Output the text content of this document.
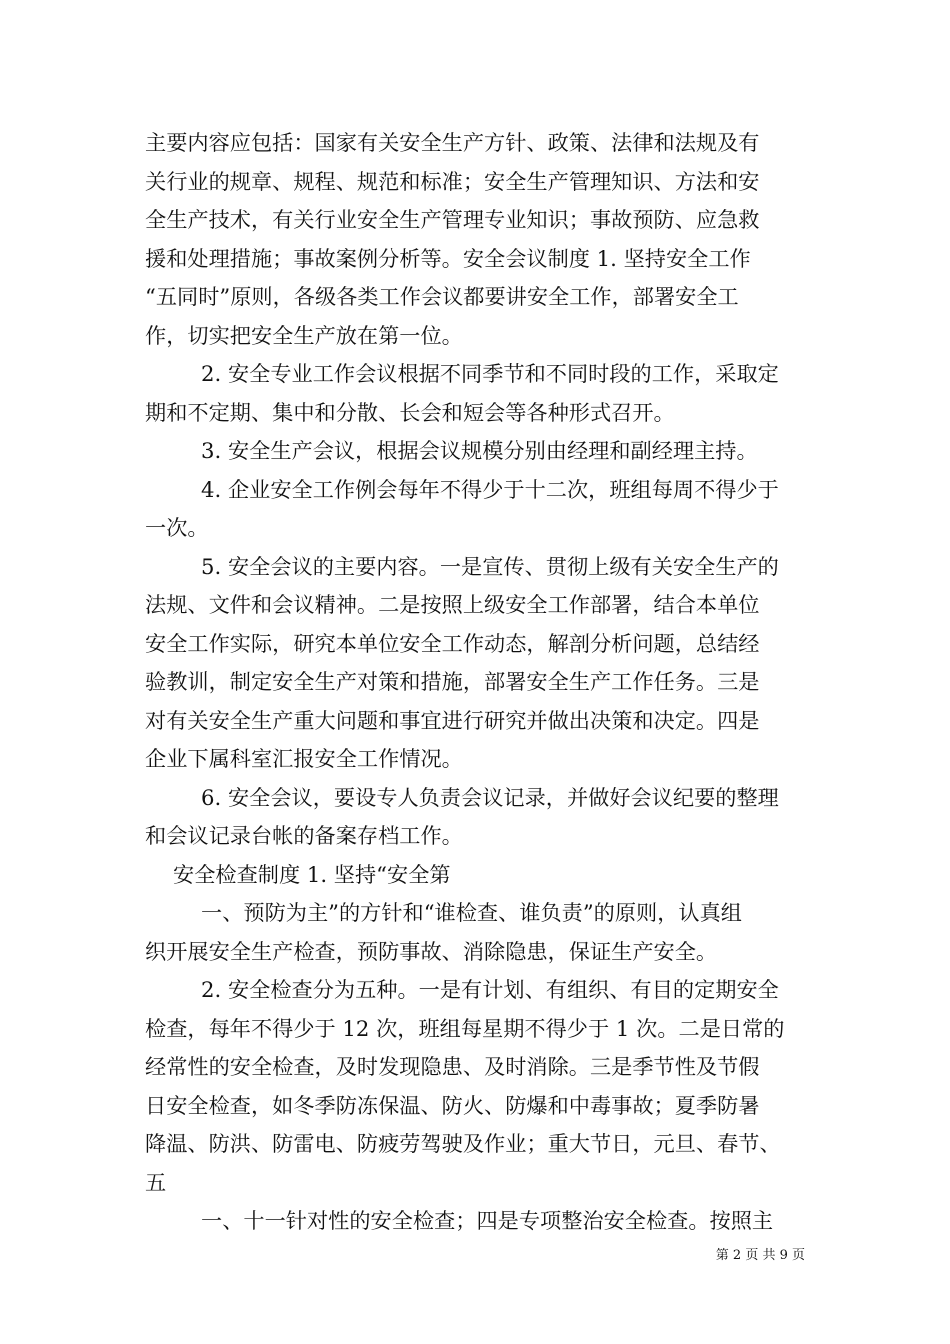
主要内容应包括：国家有关安全生产方针、政策、法律和法规及有
关行业的规章、规程、规范和标准；安全生产管理知识、方法和安
全生产技术，有关行业安全生产管理专业知识；事故预防、应急救
援和处理措施；事故案例分析等。安全会议制度 1. 坚持安全工作
“五同时”原则，各级各类工作会议都要讲安全工作，部署安全工
作，切实把安全生产放在第一位。
2. 安全专业工作会议根据不同季节和不同时段的工作，采取定
期和不定期、集中和分散、长会和短会等各种形式召开。
3. 安全生产会议，根据会议规模分别由经理和副经理主持。
4. 企业安全工作例会每年不得少于十二次，班组每周不得少于
一次。
5. 安全会议的主要内容。一是宣传、贯彻上级有关安全生产的
法规、文件和会议精神。二是按照上级安全工作部署，结合本单位
安全工作实际，研究本单位安全工作动态，解剖分析问题，总结经
验教训，制定安全生产对策和措施，部署安全生产工作任务。三是
对有关安全生产重大问题和事宜进行研究并做出决策和决定。四是
企业下属科室汇报安全工作情况。
6. 安全会议，要设专人负责会议记录，并做好会议纪要的整理
和会议记录台帐的备案存档工作。
安全检查制度 1. 坚持“安全第
一、预防为主”的方针和“谁检查、谁负责”的原则，认真组
织开展安全生产检查，预防事故、消除隐患，保证生产安全。
2. 安全检查分为五种。一是有计划、有组织、有目的定期安全
检查，每年不得少于 12 次，班组每星期不得少于 1 次。二是日常的
经常性的安全检查，及时发现隐患、及时消除。三是季节性及节假
日安全检查，如冬季防冻保温、防火、防爆和中毒事故；夏季防暑
降温、防洪、防雷电、防疲劳驾驶及作业；重大节日，元旦、春节、
五
一、十一针对性的安全检查；四是专项整治安全检查。按照主
第 2 页 共 9 页
